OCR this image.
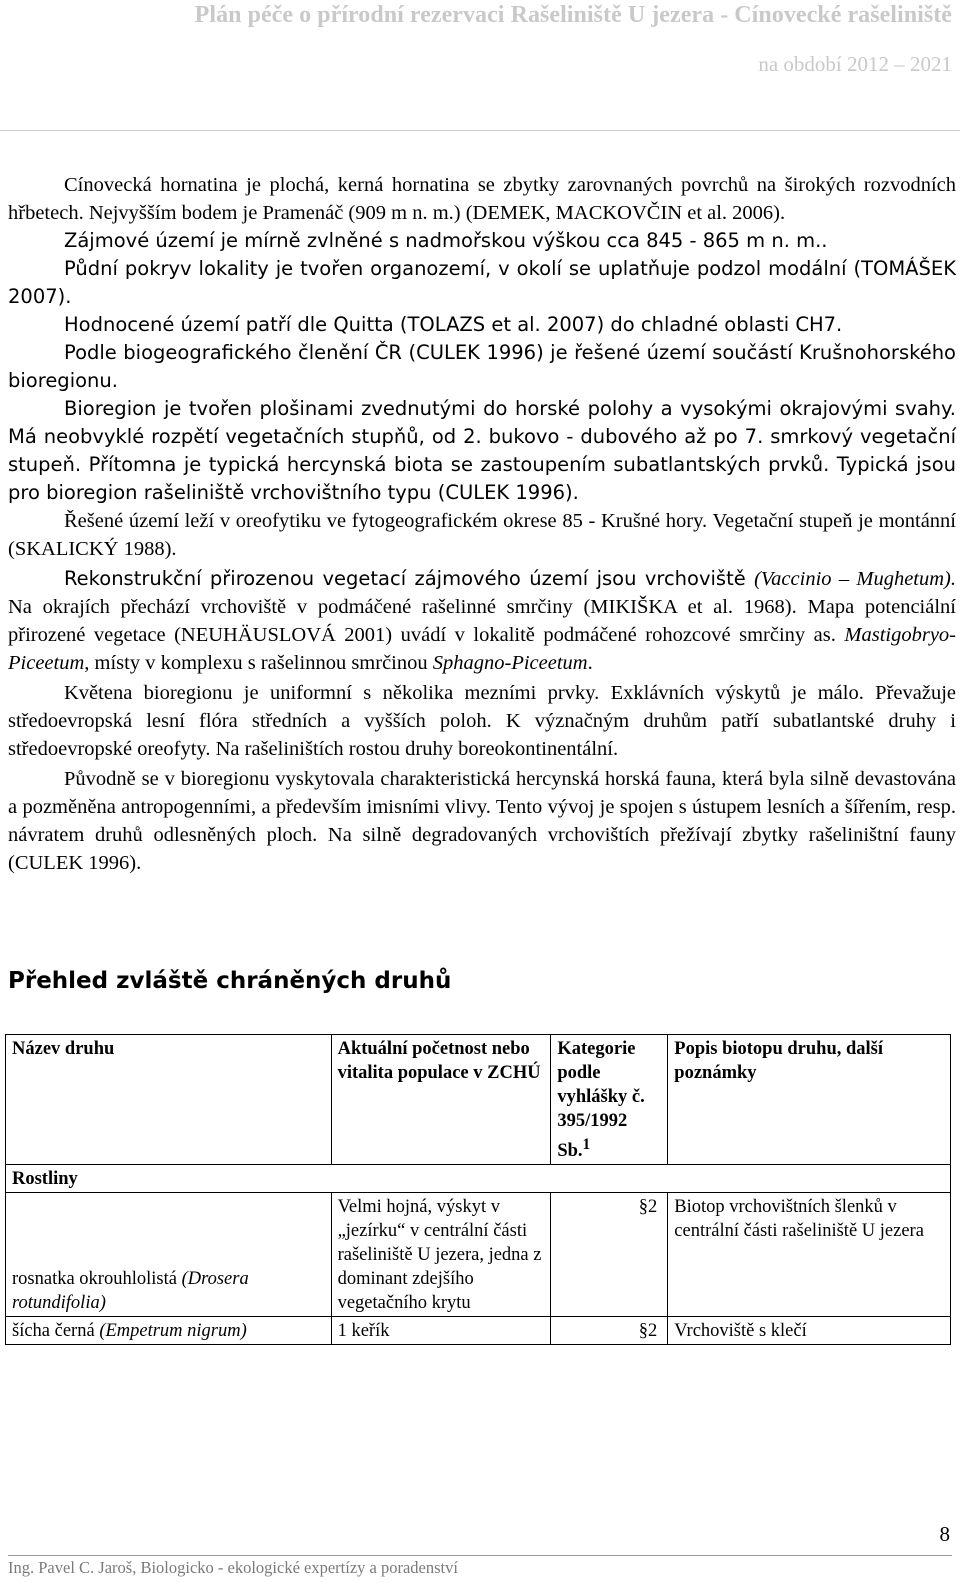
Plán péče o přírodní rezervaci Rašeliniště U jezera - Cínovecké rašeliniště
na období 2012 – 2021

Cínovecká hornatina je plochá, kerná hornatina se zbytky zarovnaných povrchů na širokých rozvodních hřbetech. Nejvyšším bodem je Pramenáč (909 m n. m.) (DEMEK, MACKOVČIN et al. 2006).

Zájmové území je mírně zvlněné s nadmořskou výškou cca 845 - 865 m n. m..

Půdní pokryv lokality je tvořen organozemí, v okolí se uplatňuje podzol modální (TOMÁŠEK 2007).

Hodnocené území patří dle Quitta (TOLAZS et al. 2007) do chladné oblasti CH7.

Podle biogeografického členění ČR (CULEK 1996) je řešené území součástí Krušnohorského bioregionu.

Bioregion je tvořen plošinami zvednutými do horské polohy a vysokými okrajovými svahy. Má neobvyklé rozpětí vegetačních stupňů, od 2. bukovo - dubového až po 7. smrkový vegetační stupeň. Přítomna je typická hercynská biota se zastoupením subatlantských prvků. Typická jsou pro bioregion rašeliniště vrchovištního typu (CULEK 1996).

Řešené území leží v oreofytiku ve fytogeografickém okrese 85 - Krušné hory. Vegetační stupeň je montánní (SKALICKÝ 1988).

Rekonstrukční přirozenou vegetací zájmového území jsou vrchoviště (Vaccinio – Mughetum). Na okrajích přechází vrchoviště v podmáčené rašelinné smrčiny (MIKIŠKA et al. 1968). Mapa potenciální přirozené vegetace (NEUHÄUSLOVÁ 2001) uvádí v lokalitě podmáčené rohozcové smrčiny as. Mastigobryo-Piceetum, místy v komplexu s rašelinnou smrčinou Sphagno-Piceetum.

Květena bioregionu je uniformní s několika mezními prvky. Exklávních výskytů je málo. Převažuje středoevropská lesní flóra středních a vyšších poloh. K význačným druhům patří subatlantské druhy i středoevropské oreofyty. Na rašeliništích rostou druhy boreokontinentální.

Původně se v bioregionu vyskytovala charakteristická hercynská horská fauna, která byla silně devastována a pozměněna antropogenními, a především imisními vlivy. Tento vývoj je spojen s ústupem lesních a šířením, resp. návratem druhů odlesněných ploch. Na silně degradovaných vrchovištích přežívají zbytky rašeliništní fauny (CULEK 1996).

Přehled zvláště chráněných druhů
Název druhu	Aktuální početnost nebo vitalita populace v ZCHÚ	Kategorie podle vyhlášky č. 395/1992 Sb.$^1$	Popis biotopu druhu, další poznámky
Rostliny			
rosnatka okrouhlolistá (Drosera rotundifolia)	Velmi hojná, výskyt v „jezírku“ v centrální části rašeliniště U jezera, jedna z dominant zdejšího vegetačního krytu	§2	Biotop vrchovištních šlenků v centrální části rašeliniště U jezera
šícha černá (Empetrum nigrum)	1 keřík	§2	Vrchoviště s klečí
8
Ing. Pavel C. Jaroš, Biologicko - ekologické expertízy a poradenství
